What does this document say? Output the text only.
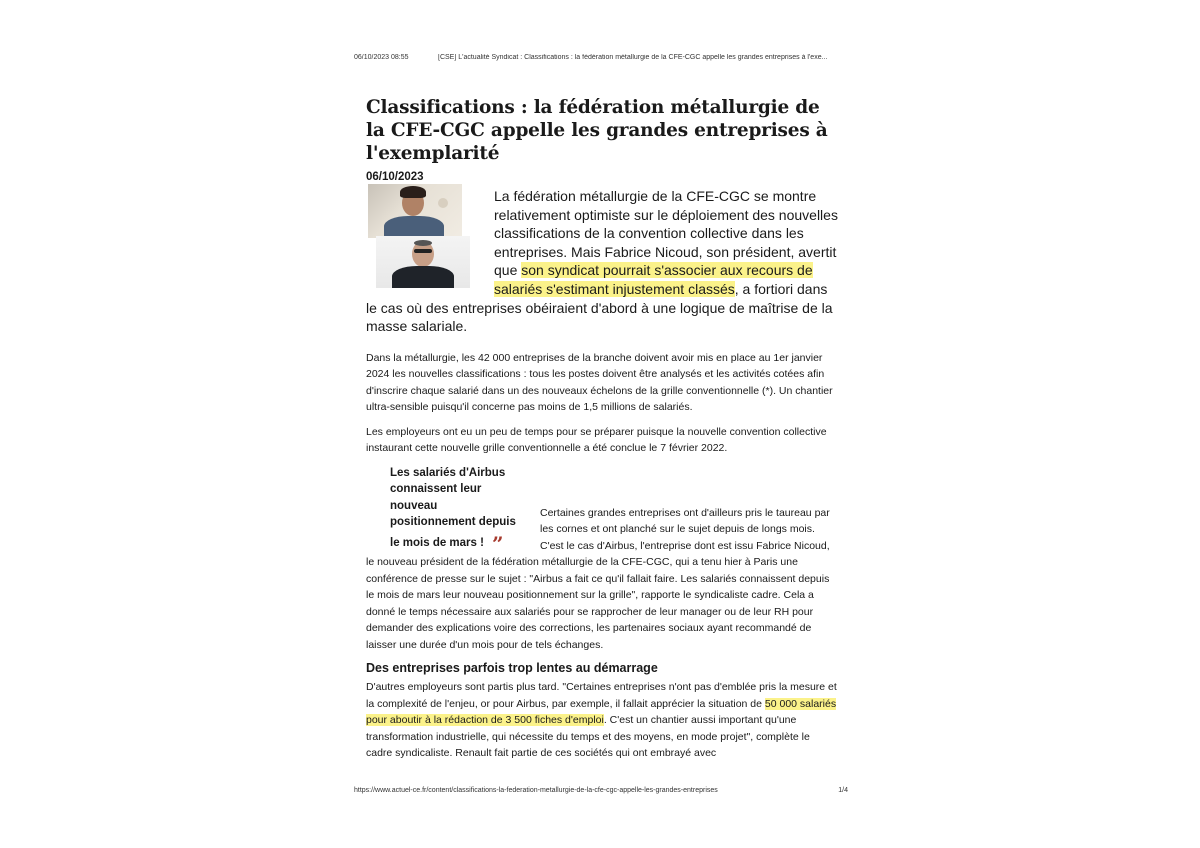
06/10/2023 08:55	[CSE] L'actualité Syndicat : Classifications : la fédération métallurgie de la CFE-CGC appelle les grandes entreprises à l'exe...
Classifications : la fédération métallurgie de la CFE-CGC appelle les grandes entreprises à l'exemplarité
06/10/2023

La fédération métallurgie de la CFE-CGC se montre relativement optimiste sur le déploiement des nouvelles classifications de la convention collective dans les entreprises. Mais Fabrice Nicoud, son président, avertit que son syndicat pourrait s'associer aux recours de salariés s'estimant injustement classés, a fortiori dans le cas où des entreprises obéiraient d'abord à une logique de maîtrise de la masse salariale.

Dans la métallurgie, les 42 000 entreprises de la branche doivent avoir mis en place au 1er janvier 2024 les nouvelles classifications : tous les postes doivent être analysés et les activités cotées afin d'inscrire chaque salarié dans un des nouveaux échelons de la grille conventionnelle (*). Un chantier ultra-sensible puisqu'il concerne pas moins de 1,5 millions de salariés.

Les employeurs ont eu un peu de temps pour se préparer puisque la nouvelle convention collective instaurant cette nouvelle grille conventionnelle a été conclue le 7 février 2022.

Les salariés d'Airbus connaissent leur nouveau positionnement depuis le mois de mars ! ”

Certaines grandes entreprises ont d'ailleurs pris le taureau par les cornes et ont planché sur le sujet depuis de longs mois. C'est le cas d'Airbus, l'entreprise dont est issu Fabrice Nicoud, le nouveau président de la fédération métallurgie de la CFE-CGC, qui a tenu hier à Paris une conférence de presse sur le sujet : "Airbus a fait ce qu'il fallait faire. Les salariés connaissent depuis le mois de mars leur nouveau positionnement sur la grille", rapporte le syndicaliste cadre. Cela a donné le temps nécessaire aux salariés pour se rapprocher de leur manager ou de leur RH pour demander des explications voire des corrections, les partenaires sociaux ayant recommandé de laisser une durée d'un mois pour de tels échanges.

Des entreprises parfois trop lentes au démarrage

D'autres employeurs sont partis plus tard. "Certaines entreprises n'ont pas d'emblée pris la mesure et la complexité de l'enjeu, or pour Airbus, par exemple, il fallait apprécier la situation de 50 000 salariés pour aboutir à la rédaction de 3 500 fiches d'emploi. C'est un chantier aussi important qu'une transformation industrielle, qui nécessite du temps et des moyens, en mode projet", complète le cadre syndicaliste. Renault fait partie de ces sociétés qui ont embrayé avec

https://www.actuel-ce.fr/content/classifications-la-federation-metallurgie-de-la-cfe-cgc-appelle-les-grandes-entreprises	1/4
